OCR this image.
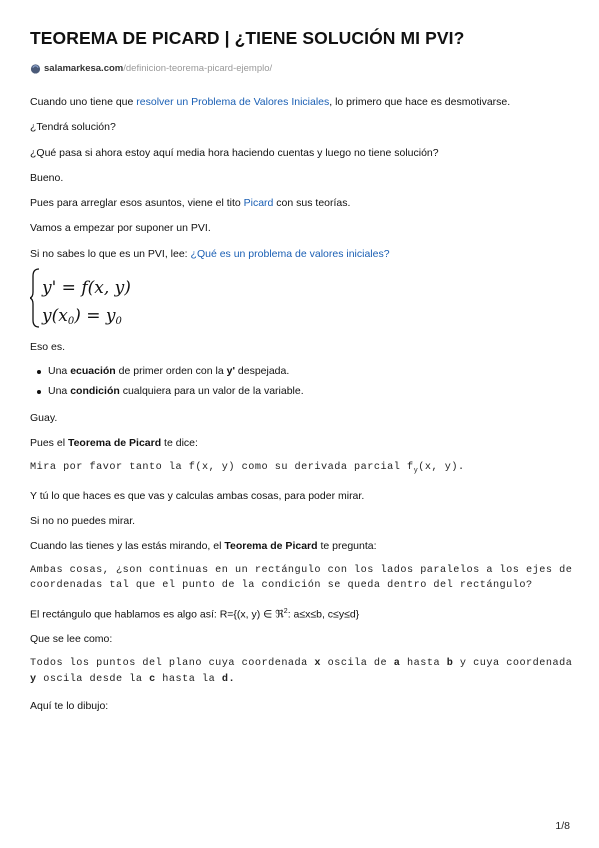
TEOREMA DE PICARD | ¿TIENE SOLUCIÓN MI PVI?
salamarkesa.com /definicion-teorema-picard-ejemplo/
Cuando uno tiene que resolver un Problema de Valores Iniciales, lo primero que hace es desmotivarse.
¿Tendrá solución?
¿Qué pasa si ahora estoy aquí media hora haciendo cuentas y luego no tiene solución?
Bueno.
Pues para arreglar esos asuntos, viene el tito Picard con sus teorías.
Vamos a empezar por suponer un PVI.
Si no sabes lo que es un PVI, lee: ¿Qué es un problema de valores iniciales?
y' = f(x, y)
y(x0) = y0
Eso es.
Una ecuación de primer orden con la y' despejada.
Una condición cualquiera para un valor de la variable.
Guay.
Pues el Teorema de Picard te dice:
Mira por favor tanto la f(x, y) como su derivada parcial $f_y(x$, y).
Y tú lo que haces es que vas y calculas ambas cosas, para poder mirar.
Si no no puedes mirar.
Cuando las tienes y las estás mirando, el Teorema de Picard te pregunta:
Ambas cosas, ¿son continuas en un rectángulo con los lados paralelos a los ejes de
coordenadas tal que el punto de la condición se queda dentro del rectángulo?
El rectángulo que hablamos es algo así: R={(x, y) ∈ ℜ$^2$: a≤x≤b, c≤y≤d}
Que se lee como:
Todos los puntos del plano cuya coordenada x oscila de a hasta b y cuya coordenada
y oscila desde la c hasta la d.
Aquí te lo dibujo:
1/8
